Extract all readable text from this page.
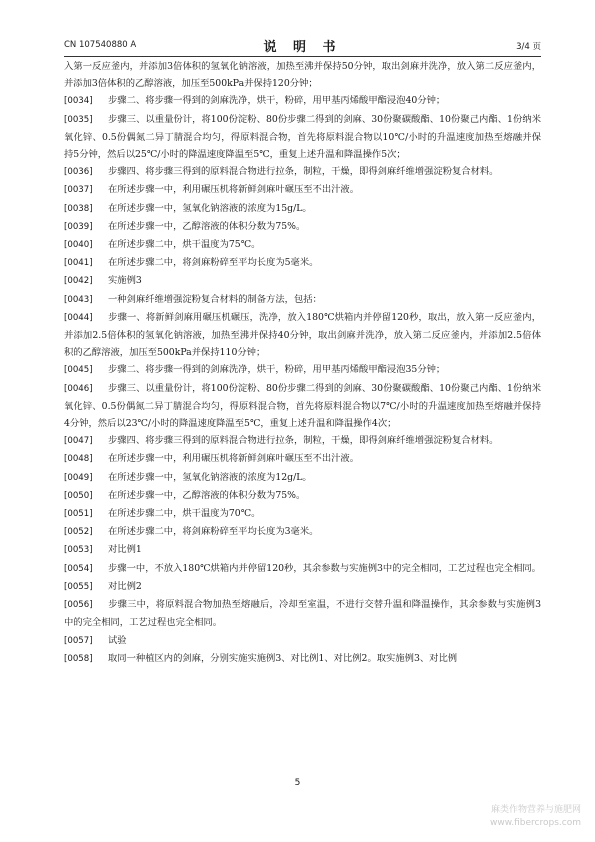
CN 107540880 A	说 明 书	3/4 页

入第一反应釜内，并添加3倍体积的氢氧化钠溶液，加热至沸并保持50分钟，取出剑麻并洗净，放入第二反应釜内，并添加3倍体积的乙醇溶液，加压至500kPa并保持120分钟；

[0034] 步骤二、将步骤一得到的剑麻洗净，烘干，粉碎，用甲基丙烯酸甲酯浸泡40分钟；

[0035] 步骤三、以重量份计，将100份淀粉、80份步骤二得到的剑麻、30份聚碳酸酯、10份聚己内酯、1份纳米氧化锌、0.5份偶氮二异丁腈混合均匀，得原料混合物，首先将原料混合物以10℃/小时的升温速度加热至熔融并保持5分钟，然后以25℃/小时的降温速度降温至5℃，重复上述升温和降温操作5次；

[0036] 步骤四、将步骤三得到的原料混合物进行拉条，制粒，干燥，即得剑麻纤维增强淀粉复合材料。

[0037] 在所述步骤一中，利用碾压机将新鲜剑麻叶碾压至不出汁液。

[0038] 在所述步骤一中，氢氧化钠溶液的浓度为15g/L。

[0039] 在所述步骤一中，乙醇溶液的体积分数为75%。

[0040] 在所述步骤二中，烘干温度为75℃。

[0041] 在所述步骤二中，将剑麻粉碎至平均长度为5毫米。

[0042] 实施例3

[0043] 一种剑麻纤维增强淀粉复合材料的制备方法，包括：

[0044] 步骤一、将新鲜剑麻用碾压机碾压，洗净，放入180℃烘箱内并停留120秒，取出，放入第一反应釜内，并添加2.5倍体积的氢氧化钠溶液，加热至沸并保持40分钟，取出剑麻并洗净，放入第二反应釜内，并添加2.5倍体积的乙醇溶液，加压至500kPa并保持110分钟；

[0045] 步骤二、将步骤一得到的剑麻洗净，烘干，粉碎，用甲基丙烯酸甲酯浸泡35分钟；

[0046] 步骤三、以重量份计，将100份淀粉、80份步骤二得到的剑麻、30份聚碳酸酯、10份聚己内酯、1份纳米氧化锌、0.5份偶氮二异丁腈混合均匀，得原料混合物，首先将原料混合物以7℃/小时的升温速度加热至熔融并保持4分钟，然后以23℃/小时的降温速度降温至5℃，重复上述升温和降温操作4次；

[0047] 步骤四、将步骤三得到的原料混合物进行拉条，制粒，干燥，即得剑麻纤维增强淀粉复合材料。

[0048] 在所述步骤一中，利用碾压机将新鲜剑麻叶碾压至不出汁液。

[0049] 在所述步骤一中，氢氧化钠溶液的浓度为12g/L。

[0050] 在所述步骤一中，乙醇溶液的体积分数为75%。

[0051] 在所述步骤二中，烘干温度为70℃。

[0052] 在所述步骤二中，将剑麻粉碎至平均长度为3毫米。

[0053] 对比例1

[0054] 步骤一中，不放入180℃烘箱内并停留120秒，其余参数与实施例3中的完全相同，工艺过程也完全相同。

[0055] 对比例2

[0056] 步骤三中，将原料混合物加热至熔融后，冷却至室温，不进行交替升温和降温操作，其余参数与实施例3中的完全相同，工艺过程也完全相同。

[0057] 试验

[0058] 取同一种植区内的剑麻，分别实施实施例3、对比例1、对比例2。取实施例3、对比例

5
麻类作物营养与施肥网
www.fibercrops.com
